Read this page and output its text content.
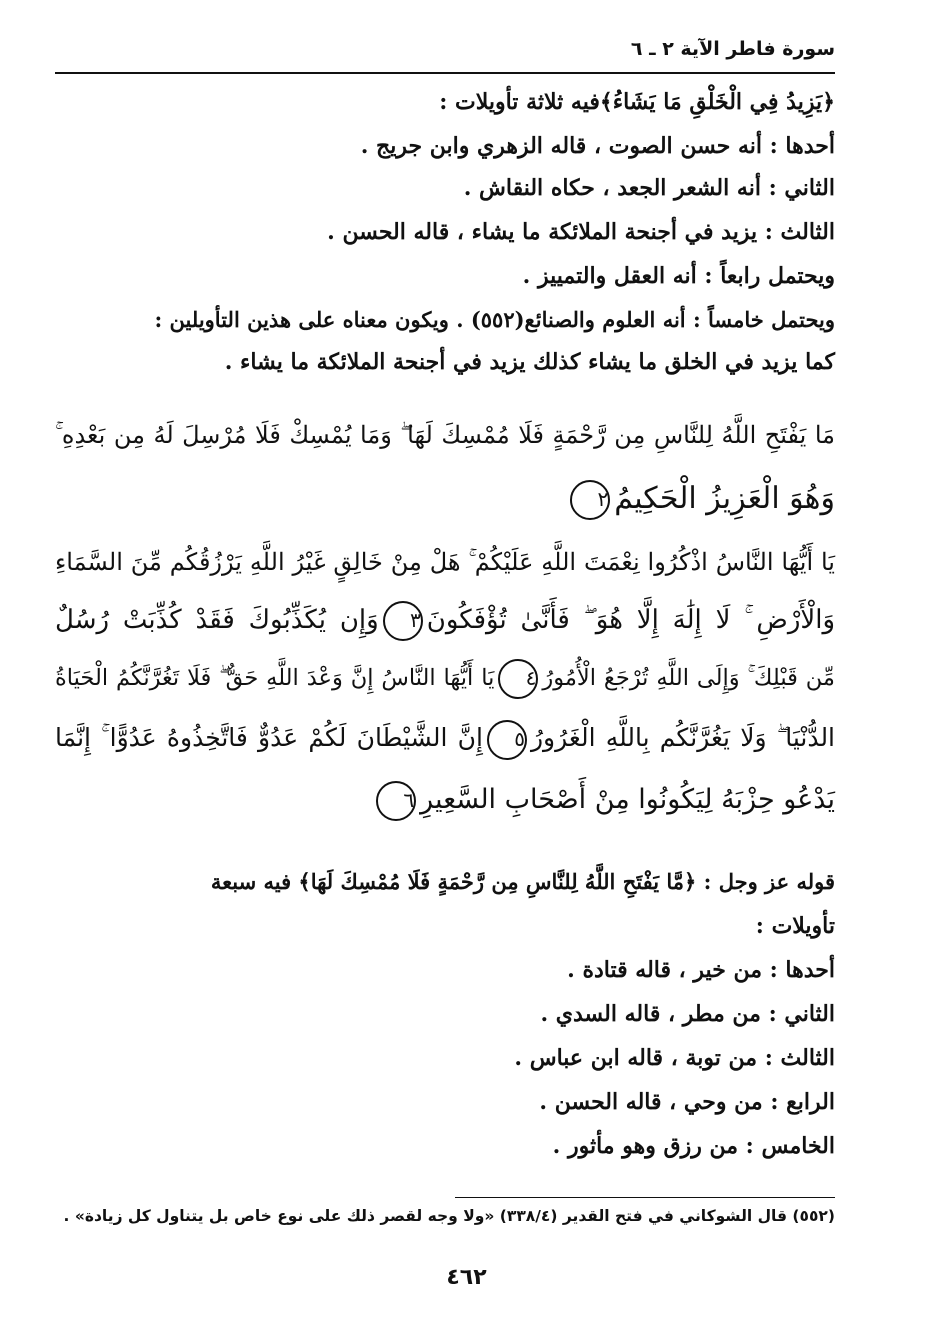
سورة فاطر الآية ٢ ـ ٦
﴿يَزِيدُ فِي الْخَلْقِ مَا يَشَاءُ﴾فيه ثلاثة تأويلات :
أحدها : أنه حسن الصوت ، قاله الزهري وابن جريج .
الثاني : أنه الشعر الجعد ، حكاه النقاش .
الثالث : يزيد في أجنحة الملائكة ما يشاء ، قاله الحسن .
ويحتمل رابعاً : أنه العقل والتمييز .
ويحتمل خامساً : أنه العلوم والصنائع(٥٥٢) . ويكون معناه على هذين التأويلين :
كما يزيد في الخلق ما يشاء كذلك يزيد في أجنحة الملائكة ما يشاء .
مَا يَفْتَحِ اللَّهُ لِلنَّاسِ مِن رَّحْمَةٍ فَلَا مُمْسِكَ لَهَا ۖ وَمَا يُمْسِكْ فَلَا مُرْسِلَ لَهُ مِن بَعْدِهِ ۚ
وَهُوَ الْعَزِيزُ الْحَكِيمُ٢
يَا أَيُّهَا النَّاسُ اذْكُرُوا نِعْمَتَ اللَّهِ عَلَيْكُمْ ۚ هَلْ مِنْ خَالِقٍ غَيْرُ اللَّهِ يَرْزُقُكُم مِّنَ السَّمَاءِ
وَالْأَرْضِ ۚ لَا إِلَٰهَ إِلَّا هُوَ ۖ فَأَنَّىٰ تُؤْفَكُونَ٣وَإِن يُكَذِّبُوكَ فَقَدْ كُذِّبَتْ رُسُلٌ
مِّن قَبْلِكَ ۚ وَإِلَى اللَّهِ تُرْجَعُ الْأُمُورُ٤يَا أَيُّهَا النَّاسُ إِنَّ وَعْدَ اللَّهِ حَقٌّ ۖ فَلَا تَغُرَّنَّكُمُ الْحَيَاةُ
الدُّنْيَا ۖ وَلَا يَغُرَّنَّكُم بِاللَّهِ الْغَرُورُ٥إِنَّ الشَّيْطَانَ لَكُمْ عَدُوٌّ فَاتَّخِذُوهُ عَدُوًّا ۚ إِنَّمَا
يَدْعُو حِزْبَهُ لِيَكُونُوا مِنْ أَصْحَابِ السَّعِيرِ٦
قوله عز وجل : ﴿مَّا يَفْتَحِ اللَّهُ لِلنَّاسِ مِن رَّحْمَةٍ فَلَا مُمْسِكَ لَهَا﴾ فيه سبعة
تأويلات :
أحدها : من خير ، قاله قتادة .
الثاني : من مطر ، قاله السدي .
الثالث : من توبة ، قاله ابن عباس .
الرابع : من وحي ، قاله الحسن .
الخامس : من رزق وهو مأثور .
(٥٥٢) قال الشوكاني في فتح القدير (٣٣٨/٤) «ولا وجه لقصر ذلك على نوع خاص بل يتناول كل زيادة» .
٤٦٢
